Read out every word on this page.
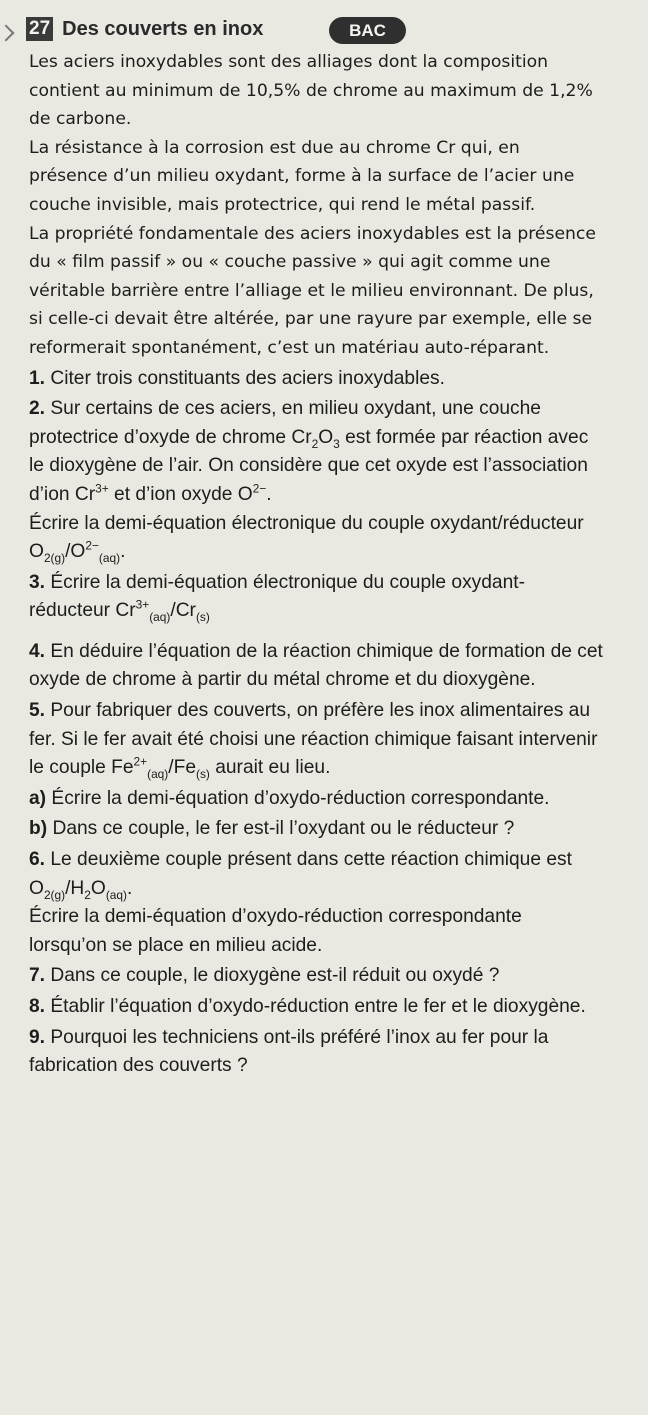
27 Des couverts en inox	BAC

Les aciers inoxydables sont des alliages dont la composition contient au minimum de 10,5% de chrome au maximum de 1,2% de carbone.

La résistance à la corrosion est due au chrome Cr qui, en présence d’un milieu oxydant, forme à la surface de l’acier une couche invisible, mais protectrice, qui rend le métal passif.

La propriété fondamentale des aciers inoxydables est la présence du « film passif » ou « couche passive » qui agit comme une véritable barrière entre l’alliage et le milieu environnant. De plus, si celle-ci devait être altérée, par une rayure par exemple, elle se reformerait spontanément, c’est un matériau auto-réparant.

1. Citer trois constituants des aciers inoxydables.

2. Sur certains de ces aciers, en milieu oxydant, une couche protectrice d’oxyde de chrome $Cr_2O_3$ est formée par réaction avec le dioxygène de l’air. On considère que cet oxyde est l’association d’ion $Cr^{3+}$ et d’ion oxyde $O^{2-}$.

Écrire la demi-équation électronique du couple oxydant/réducteur $O_{2(g)}/O^{2-}_{(aq)}$.

3. Écrire la demi-équation électronique du couple oxydant-réducteur $Cr^{3+}_{(aq)}/Cr_{(s)}$

4. En déduire l’équation de la réaction chimique de formation de cet oxyde de chrome à partir du métal chrome et du dioxygène.

5. Pour fabriquer des couverts, on préfère les inox alimentaires au fer. Si le fer avait été choisi une réaction chimique faisant intervenir le couple $Fe^{2+}_{(aq)}/Fe_{(s)}$ aurait eu lieu.

a) Écrire la demi-équation d’oxydo-réduction correspondante.

b) Dans ce couple, le fer est-il l’oxydant ou le réducteur ?

6. Le deuxième couple présent dans cette réaction chimique est $O_{2(g)}/H_2O_{(aq)}$.

Écrire la demi-équation d’oxydo-réduction correspondante lorsqu’on se place en milieu acide.

7. Dans ce couple, le dioxygène est-il réduit ou oxydé ?

8. Établir l’équation d’oxydo-réduction entre le fer et le dioxygène.

9. Pourquoi les techniciens ont-ils préféré l’inox au fer pour la fabrication des couverts ?
